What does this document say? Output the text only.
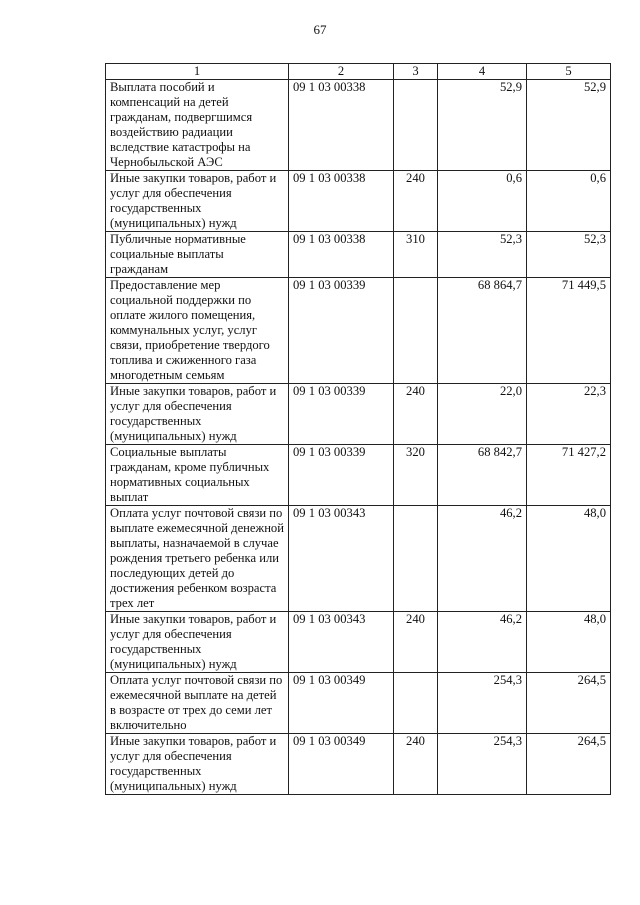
67
1	2	3	4	5
Выплата пособий и компенсаций на детей гражданам, подвергшимся воздействию радиации вследствие катастрофы на Чернобыльской АЭС	09 1 03 00338		52,9	52,9
Иные закупки товаров, работ и услуг для обеспечения государственных (муниципальных) нужд	09 1 03 00338	240	0,6	0,6
Публичные нормативные социальные выплаты гражданам	09 1 03 00338	310	52,3	52,3
Предоставление мер социальной поддержки по оплате жилого помещения, коммунальных услуг, услуг связи, приобретение твердого топлива и сжиженного газа многодетным семьям	09 1 03 00339		68 864,7	71 449,5
Иные закупки товаров, работ и услуг для обеспечения государственных (муниципальных) нужд	09 1 03 00339	240	22,0	22,3
Социальные выплаты гражданам, кроме публичных нормативных социальных выплат	09 1 03 00339	320	68 842,7	71 427,2
Оплата услуг почтовой связи по выплате ежемесячной денежной выплаты, назначаемой в случае рождения третьего ребенка или последующих детей до достижения ребенком возраста трех лет	09 1 03 00343		46,2	48,0
Иные закупки товаров, работ и услуг для обеспечения государственных (муниципальных) нужд	09 1 03 00343	240	46,2	48,0
Оплата услуг почтовой связи по ежемесячной выплате на детей в возрасте от трех до семи лет включительно	09 1 03 00349		254,3	264,5
Иные закупки товаров, работ и услуг для обеспечения государственных (муниципальных) нужд	09 1 03 00349	240	254,3	264,5
